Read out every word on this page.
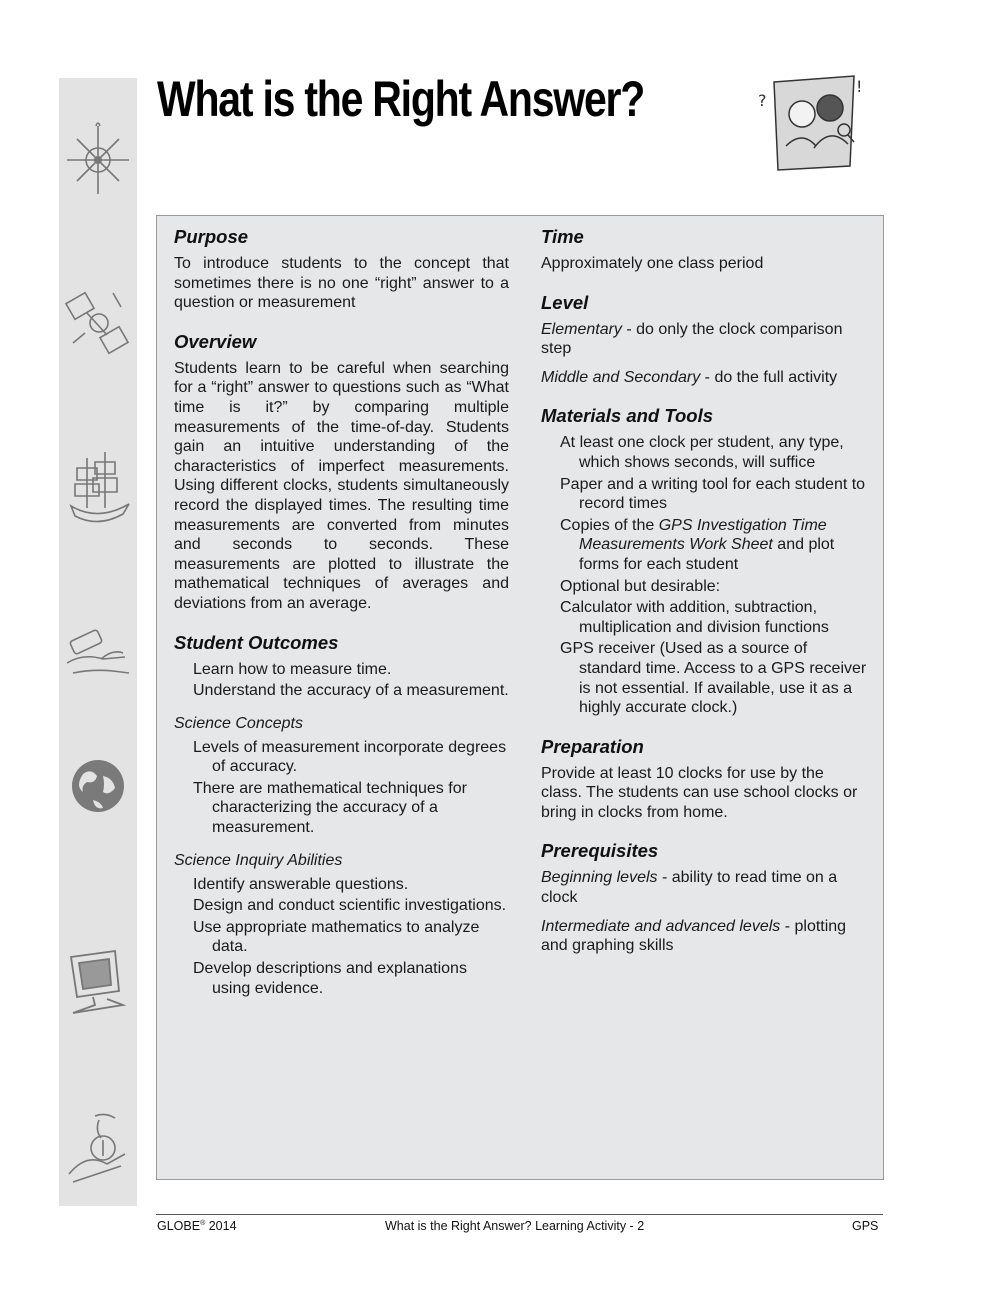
What is the Right Answer?	?
!
Purpose

To introduce students to the concept that sometimes there is no one “right” answer to a question or measurement

Overview

Students learn to be careful when searching for a “right” answer to questions such as “What time is it?” by comparing multiple measurements of the time-of-day. Students gain an intuitive understanding of the characteristics of imperfect measurements. Using different clocks, students simultaneously record the displayed times. The resulting time measurements are converted from minutes and seconds to seconds. These measurements are plotted to illustrate the mathematical techniques of averages and deviations from an average.

Student Outcomes
Learn how to measure time.
Understand the accuracy of a measurement.
Science Concepts
Levels of measurement incorporate degrees of accuracy.
There are mathematical techniques for characterizing the accuracy of a measurement.
Science Inquiry Abilities
Identify answerable questions.
Design and conduct scientific investigations.
Use appropriate mathematics to analyze data.
Develop descriptions and explanations using evidence.
Time

Approximately one class period

Level

Elementary - do only the clock comparison step

Middle and Secondary - do the full activity

Materials and Tools
At least one clock per student, any type, which shows seconds, will suffice
Paper and a writing tool for each student to record times
Copies of the GPS Investigation Time Measurements Work Sheet and plot forms for each student
Optional but desirable:
Calculator with addition, subtraction, multiplication and division functions
GPS receiver (Used as a source of standard time. Access to a GPS receiver is not essential. If available, use it as a highly accurate clock.)
Preparation

Provide at least 10 clocks for use by the class. The students can use school clocks or bring in clocks from home.

Prerequisites

Beginning levels - ability to read time on a clock

Intermediate and advanced levels - plotting and graphing skills

GLOBE® 2014	What is the Right Answer? Learning Activity - 2	GPS
